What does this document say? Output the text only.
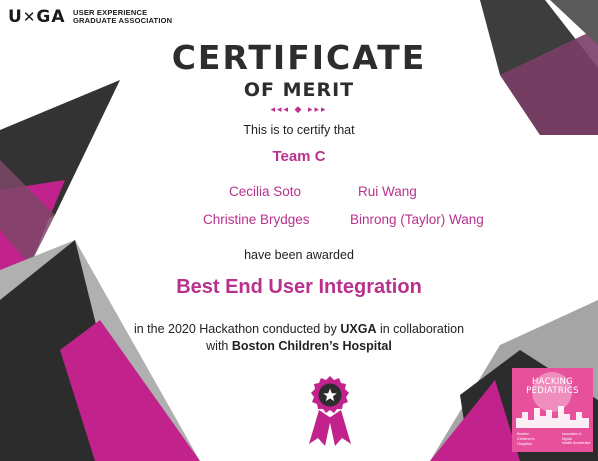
U✕GA USER EXPERIENCE
GRADUATE ASSOCIATION
CERTIFICATE
OF MERIT
◂◂◂ ◆ ▸▸▸
This is to certify that
Team C
Cecilia Soto	Rui Wang
Christine Brydges	Binrong (Taylor) Wang
have been awarded
Best End User Integration
in the 2020 Hackathon conducted by UXGA in collaboration
with Boston Children’s Hospital
HACKING
PEDIATRICS
Boston
Children's
Hospital
Innovation & Digital
Health Accelerator
